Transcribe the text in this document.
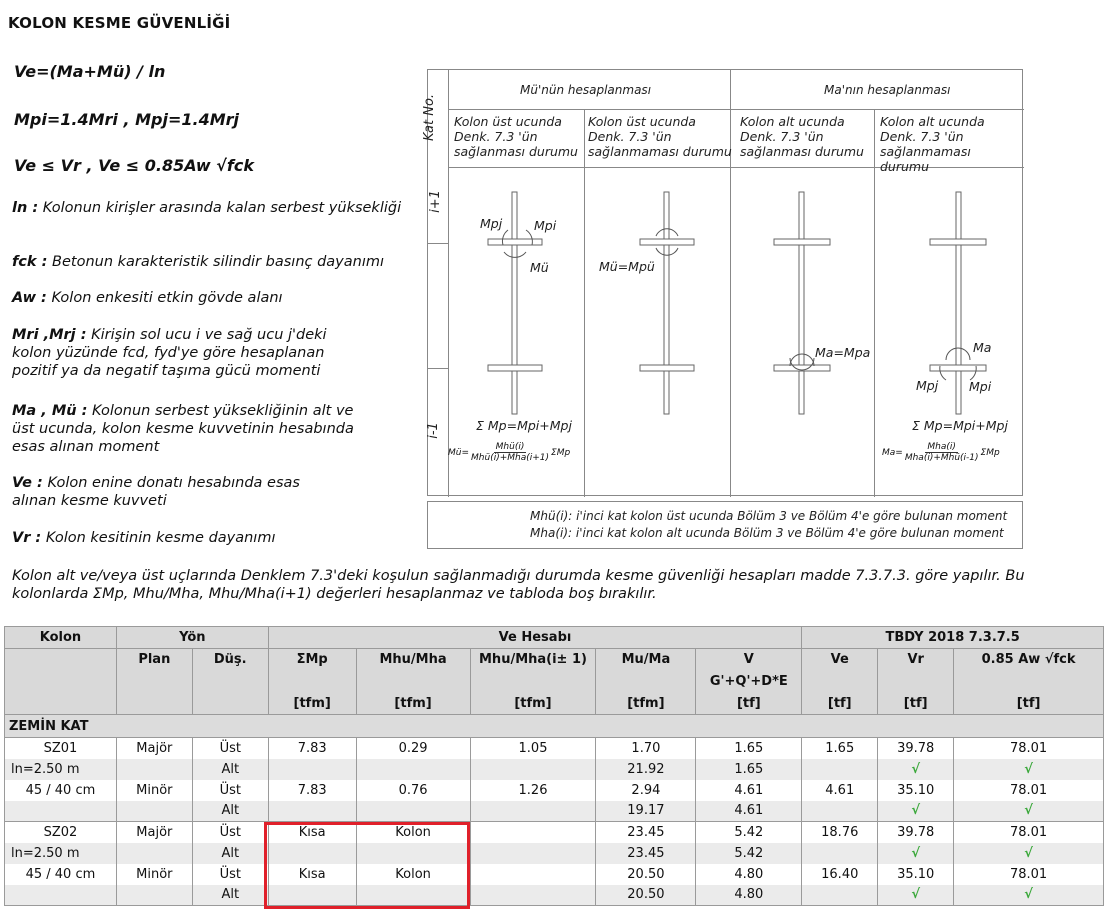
KOLON KESME GÜVENLİĞİ
Ve=(Ma+Mü) / ln
Mpi=1.4Mri , Mpj=1.4Mrj
Ve ≤ Vr , Ve ≤ 0.85Aw √fck
ln : Kolonun kirişler arasında kalan serbest yüksekliği
fck : Betonun karakteristik silindir basınç dayanımı
Aw : Kolon enkesiti etkin gövde alanı
Mri ,Mrj : Kirişin sol ucu i ve sağ ucu j'deki kolon yüzünde fcd, fyd'ye göre hesaplanan pozitif ya da negatif taşıma gücü momenti
Ma , Mü : Kolonun serbest yüksekliğinin alt ve üst ucunda, kolon kesme kuvvetinin hesabında esas alınan moment
Ve : Kolon enine donatı hesabında esas alınan kesme kuvveti
Vr : Kolon kesitinin kesme dayanımı
Kat No.
Mü'nün hesaplanması	Ma'nın hesaplanması
Kolon üst ucunda
Denk. 7.3 'ün
sağlanması durumu
Kolon üst ucunda
Denk. 7.3 'ün
sağlanmaması durumu
Kolon alt ucunda
Denk. 7.3 'ün
sağlanması durumu
Kolon alt ucunda
Denk. 7.3 'ün
sağlanmaması durumu
i+1
i-1
Mpj	Mpi
Mü	Mü=Mpü
Ma=Mpa	Ma
Mpj Mpi
Σ Mp=Mpi+Mpj	Σ Mp=Mpi+Mpj
Mü=
Mhü(i)
Mhü(i)+Mha(i+1)
ΣMp	Ma=
Mha(i)
Mha(i)+Mhü(i-1)
ΣMp
Mhü(i): i'inci kat kolon üst ucunda Bölüm 3 ve Bölüm 4'e göre bulunan moment
Mha(i): i'inci kat kolon alt ucunda Bölüm 3 ve Bölüm 4'e göre bulunan moment
Kolon alt ve/veya üst uçlarında Denklem 7.3'deki koşulun sağlanmadığı durumda kesme güvenliği hesapları madde 7.3.7.3. göre yapılır. Bu kolonlarda ΣMp, Mhu/Mha, Mhu/Mha(i+1) değerleri hesaplanmaz ve tabloda boş bırakılır.
Kolon	Yön		Ve Hesabı					TBDY 2018 7.3.7.5		
	Plan	Düş.	ΣMp	Mhu/Mha	Mhu/Mha(i± 1)	Mu/Ma	V	Ve	Vr	0.85 Aw √fck
							G'+Q'+D*E			
			[tfm]	[tfm]	[tfm]	[tfm]	[tf]	[tf]	[tf]	[tf]
ZEMİN KAT										
SZ01	Majör	Üst	7.83	0.29	1.05	1.70	1.65	1.65	39.78	78.01
ln=2.50 m		Alt				21.92	1.65		√	√
45 / 40 cm	Minör	Üst	7.83	0.76	1.26	2.94	4.61	4.61	35.10	78.01
		Alt				19.17	4.61		√	√
SZ02	Majör	Üst	Kısa	Kolon		23.45	5.42	18.76	39.78	78.01
ln=2.50 m		Alt				23.45	5.42		√	√
45 / 40 cm	Minör	Üst	Kısa	Kolon		20.50	4.80	16.40	35.10	78.01
		Alt				20.50	4.80		√	√
